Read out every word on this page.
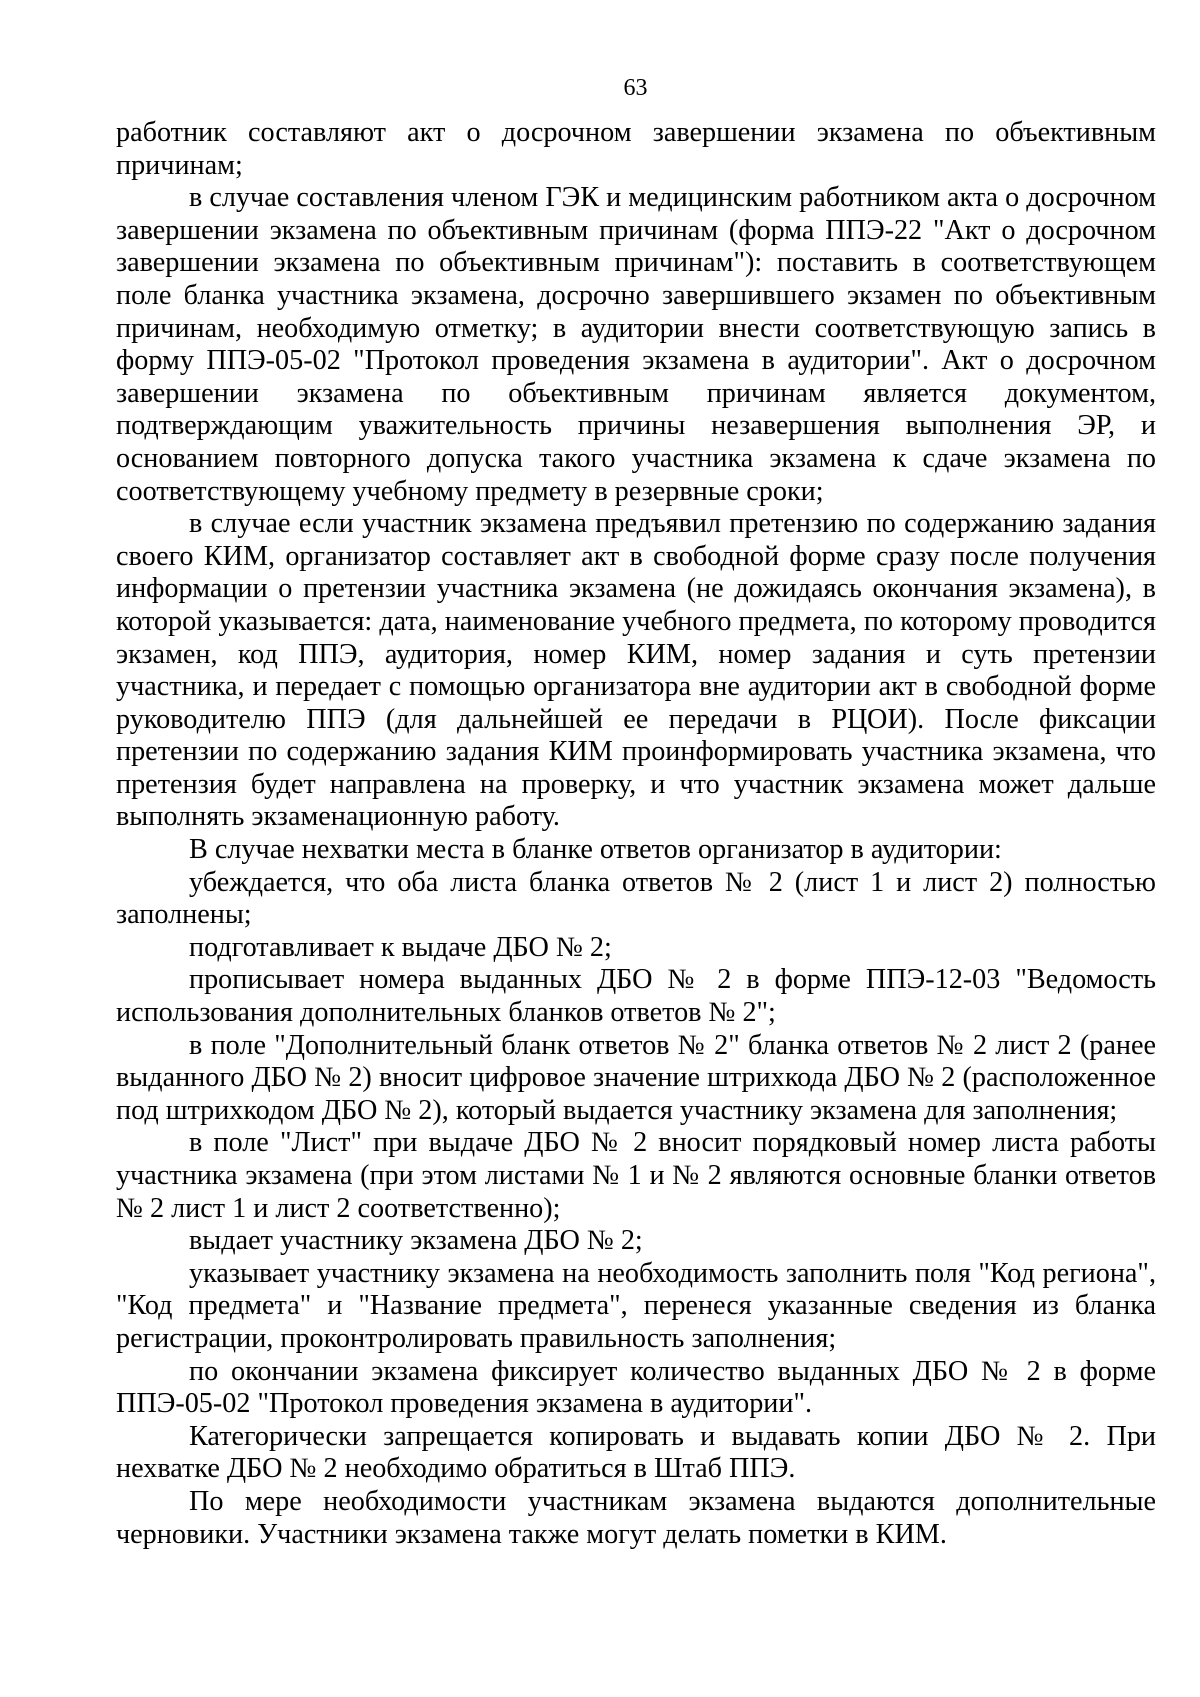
63

работник составляют акт о досрочном завершении экзамена по объективным причинам;

в случае составления членом ГЭК и медицинским работником акта о досрочном завершении экзамена по объективным причинам (форма ППЭ-22 "Акт о досрочном завершении экзамена по объективным причинам"): поставить в соответствующем поле бланка участника экзамена, досрочно завершившего экзамен по объективным причинам, необходимую отметку; в аудитории внести соответствующую запись в форму ППЭ-05-02 "Протокол проведения экзамена в аудитории". Акт о досрочном завершении экзамена по объективным причинам является документом, подтверждающим уважительность причины незавершения выполнения ЭР, и основанием повторного допуска такого участника экзамена к сдаче экзамена по соответствующему учебному предмету в резервные сроки;

в случае если участник экзамена предъявил претензию по содержанию задания своего КИМ, организатор составляет акт в свободной форме сразу после получения информации о претензии участника экзамена (не дожидаясь окончания экзамена), в которой указывается: дата, наименование учебного предмета, по которому проводится экзамен, код ППЭ, аудитория, номер КИМ, номер задания и суть претензии участника, и передает с помощью организатора вне аудитории акт в свободной форме руководителю ППЭ (для дальнейшей ее передачи в РЦОИ). После фиксации претензии по содержанию задания КИМ проинформировать участника экзамена, что претензия будет направлена на проверку, и что участник экзамена может дальше выполнять экзаменационную работу.

В случае нехватки места в бланке ответов организатор в аудитории:

убеждается, что оба листа бланка ответов № 2 (лист 1 и лист 2) полностью заполнены;

подготавливает к выдаче ДБО № 2;

прописывает номера выданных ДБО № 2 в форме ППЭ-12-03 "Ведомость использования дополнительных бланков ответов № 2";

в поле "Дополнительный бланк ответов № 2" бланка ответов № 2 лист 2 (ранее выданного ДБО № 2) вносит цифровое значение штрихкода ДБО № 2 (расположенное под штрихкодом ДБО № 2), который выдается участнику экзамена для заполнения;

в поле "Лист" при выдаче ДБО № 2 вносит порядковый номер листа работы участника экзамена (при этом листами № 1 и № 2 являются основные бланки ответов № 2 лист 1 и лист 2 соответственно);

выдает участнику экзамена ДБО № 2;

указывает участнику экзамена на необходимость заполнить поля "Код региона", "Код предмета" и "Название предмета", перенеся указанные сведения из бланка регистрации, проконтролировать правильность заполнения;

по окончании экзамена фиксирует количество выданных ДБО № 2 в форме ППЭ-05-02 "Протокол проведения экзамена в аудитории".

Категорически запрещается копировать и выдавать копии ДБО № 2. При нехватке ДБО № 2 необходимо обратиться в Штаб ППЭ.

По мере необходимости участникам экзамена выдаются дополнительные черновики. Участники экзамена также могут делать пометки в КИМ.
